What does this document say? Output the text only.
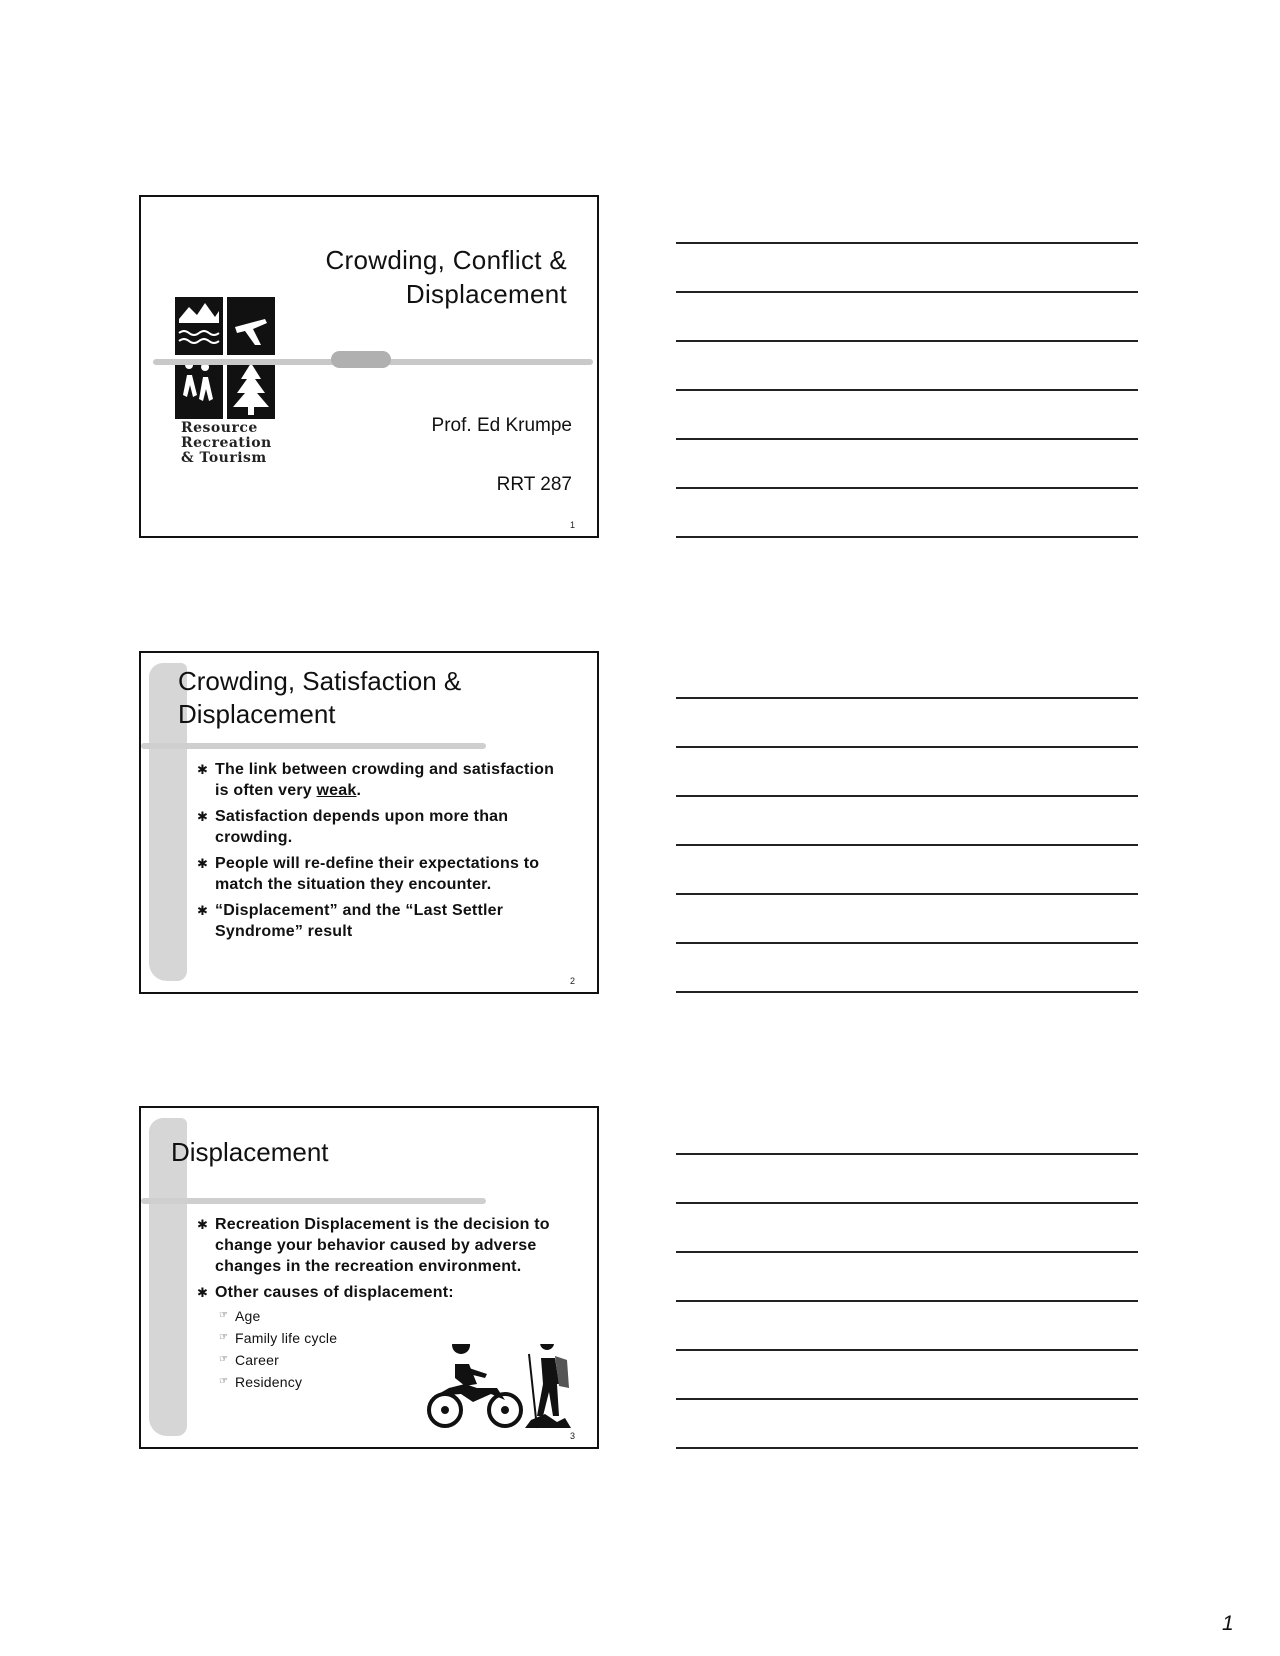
Resource
Recreation
& Tourism
Crowding, Conflict &
Displacement
Prof. Ed Krumpe
RRT 287
1
Crowding, Satisfaction &
Displacement
✱ The link between crowding and satisfaction is often very weak.
✱ Satisfaction depends upon more than crowding.
✱ People will re-define their expectations to match the situation they encounter.
✱ “Displacement” and the “Last Settler Syndrome” result
2
Displacement
✱ Recreation Displacement is the decision to change your behavior caused by adverse changes in the recreation environment.
✱ Other causes of displacement:
☞ Age
☞ Family life cycle
☞ Career
☞ Residency
3
1
